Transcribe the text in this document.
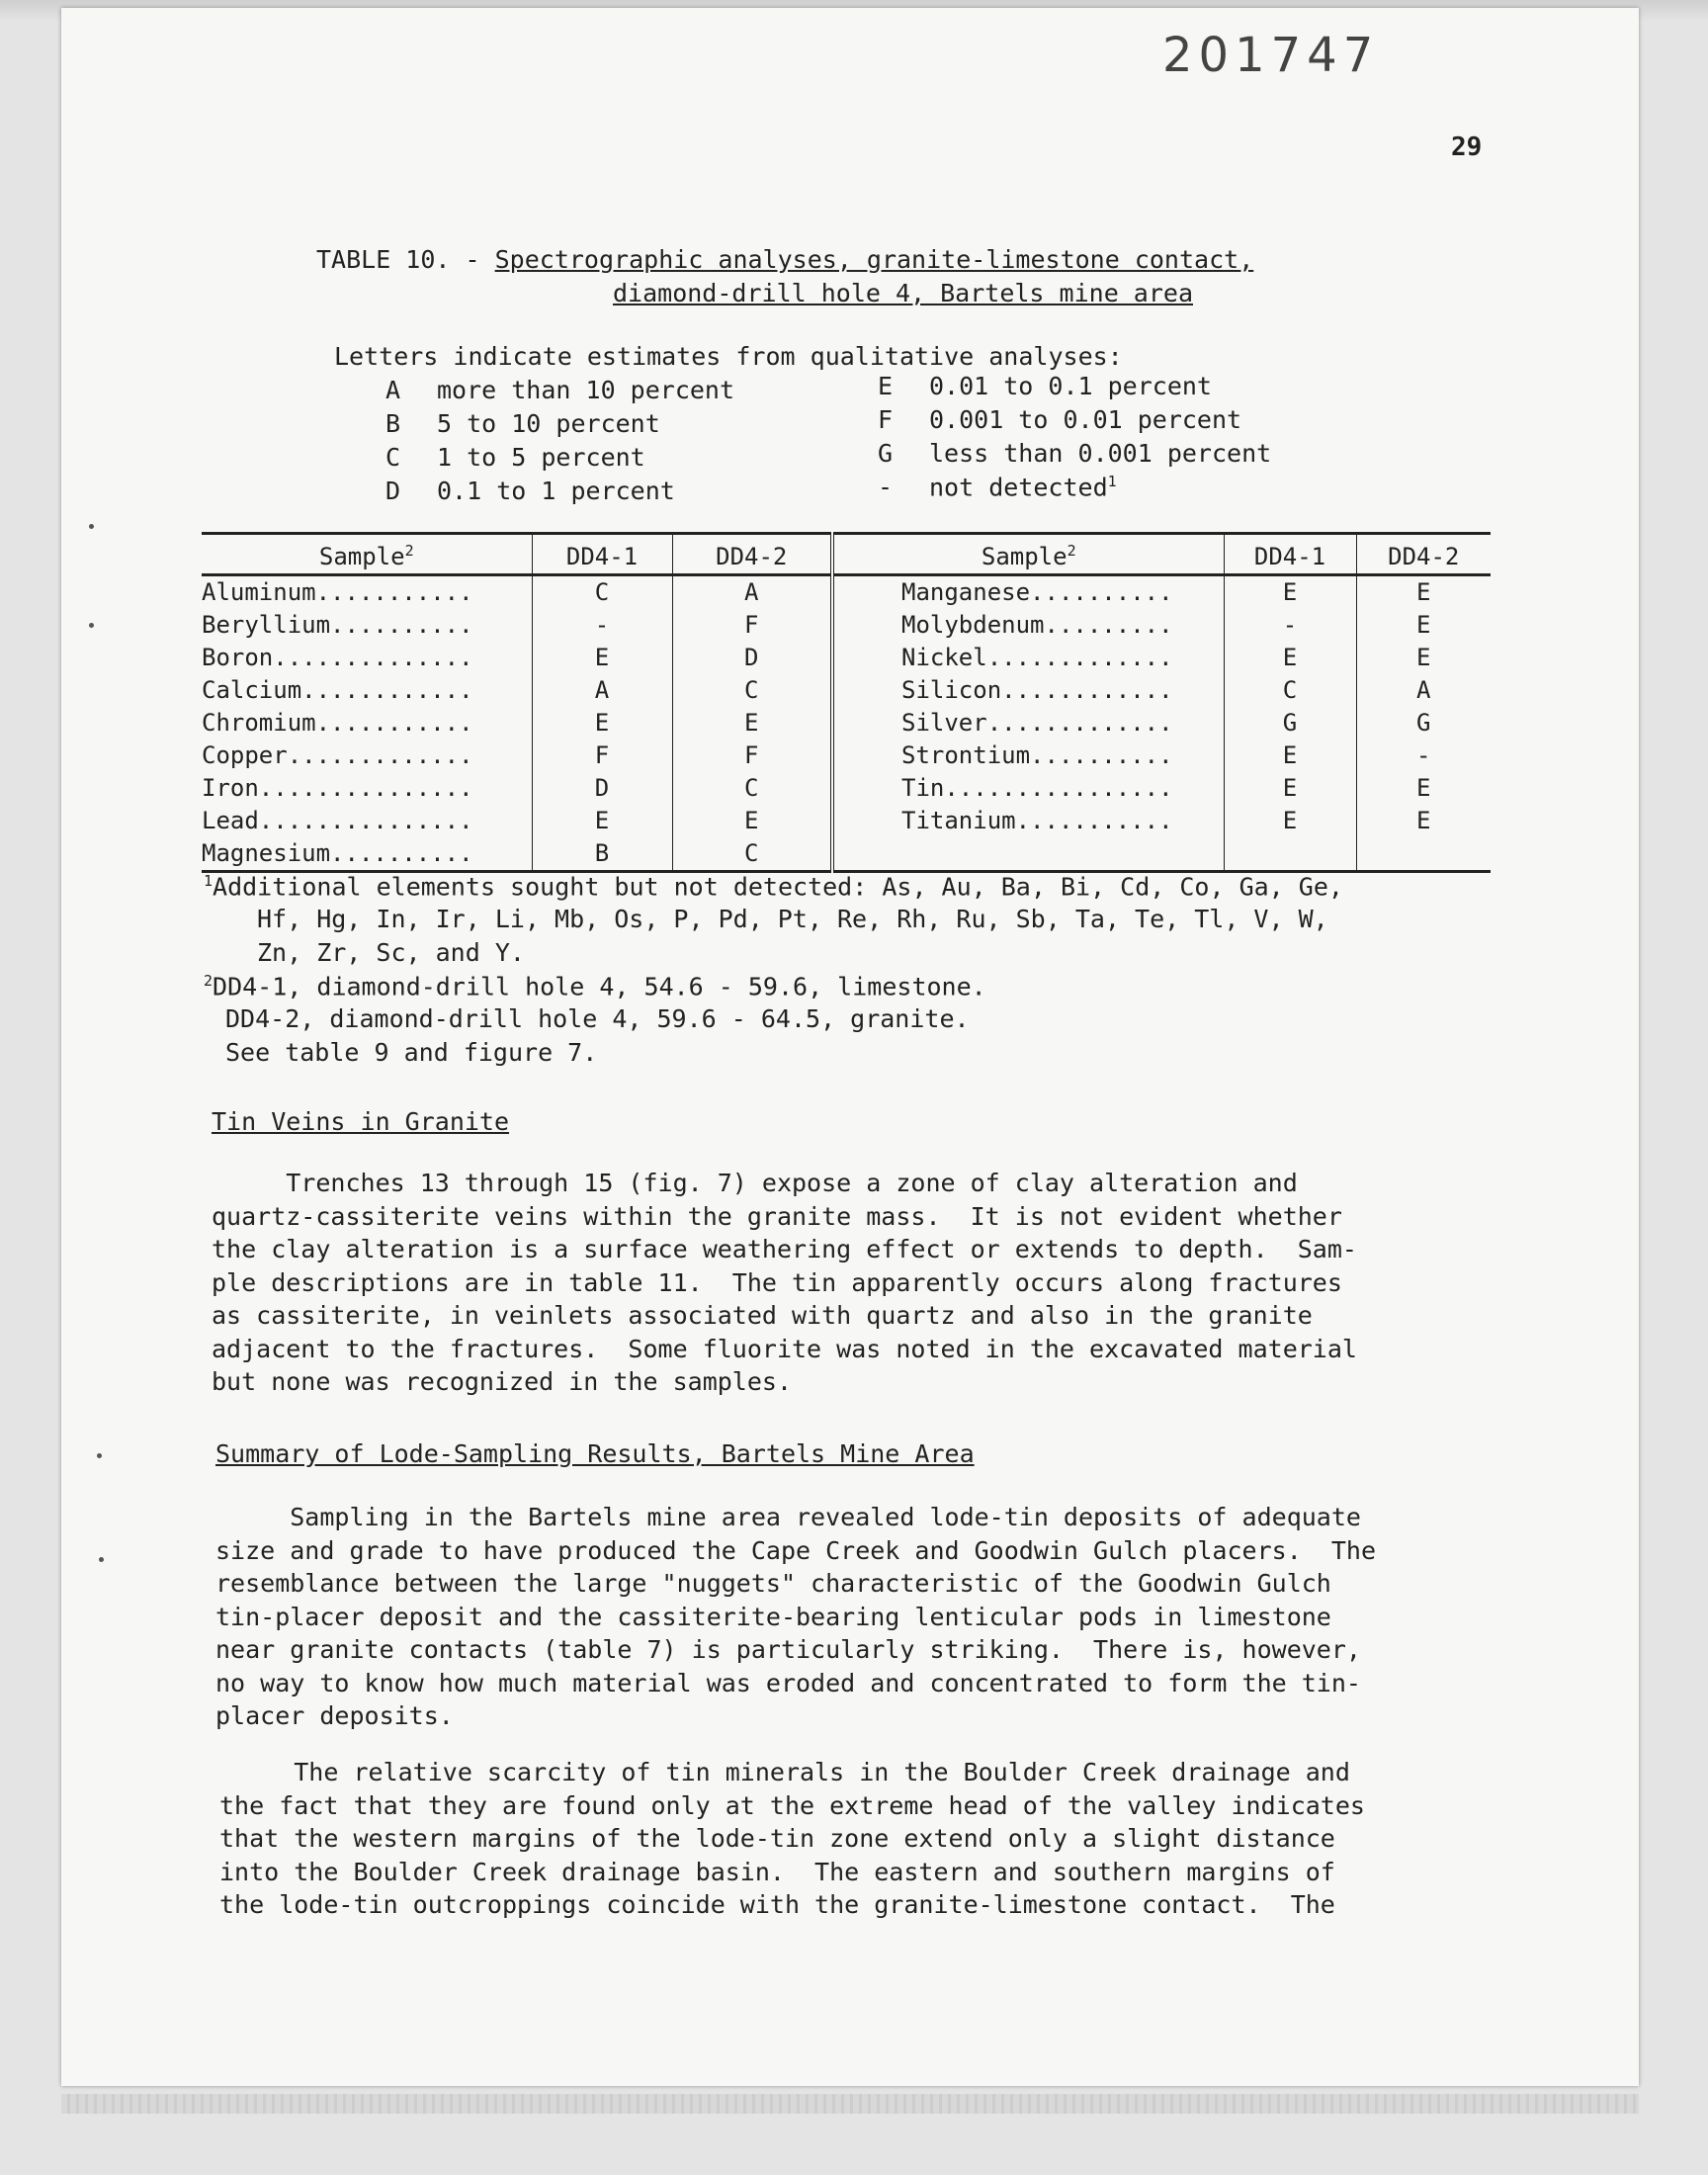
201747
29
TABLE 10. - Spectrographic analyses, granite-limestone contact,
diamond-drill hole 4, Bartels mine area
Letters indicate estimates from qualitative analyses:
A more than 10 percent
B 5 to 10 percent
C 1 to 5 percent
D 0.1 to 1 percent
E 0.01 to 0.1 percent
F 0.001 to 0.01 percent
G less than 0.001 percent
- not detected$^1$
Sample$^2$	DD4-1	DD4-2	Sample$^2$	DD4-1	DD4-2
Aluminum...........	C	A	Manganese..........	E	E
Beryllium..........	-	F	Molybdenum.........	-	E
Boron..............	E	D	Nickel.............	E	E
Calcium............	A	C	Silicon............	C	A
Chromium...........	E	E	Silver.............	G	G
Copper.............	F	F	Strontium..........	E	-
Iron...............	D	C	Tin................	E	E
Lead...............	E	E	Titanium...........	E	E
Magnesium..........	B	C			
$^1$Additional elements sought but not detected: As, Au, Ba, Bi, Cd, Co, Ga, Ge,
Hf, Hg, In, Ir, Li, Mb, Os, P, Pd, Pt, Re, Rh, Ru, Sb, Ta, Te, Tl, V, W,
Zn, Zr, Sc, and Y.
$^2$DD4-1, diamond-drill hole 4, 54.6 - 59.6, limestone.
DD4-2, diamond-drill hole 4, 59.6 - 64.5, granite.
See table 9 and figure 7.
Tin Veins in Granite
Trenches 13 through 15 (fig. 7) expose a zone of clay alteration and
quartz-cassiterite veins within the granite mass.  It is not evident whether
the clay alteration is a surface weathering effect or extends to depth.  Sam-
ple descriptions are in table 11.  The tin apparently occurs along fractures
as cassiterite, in veinlets associated with quartz and also in the granite
adjacent to the fractures.  Some fluorite was noted in the excavated material
but none was recognized in the samples.
Summary of Lode-Sampling Results, Bartels Mine Area
Sampling in the Bartels mine area revealed lode-tin deposits of adequate
size and grade to have produced the Cape Creek and Goodwin Gulch placers.  The
resemblance between the large "nuggets" characteristic of the Goodwin Gulch
tin-placer deposit and the cassiterite-bearing lenticular pods in limestone
near granite contacts (table 7) is particularly striking.  There is, however,
no way to know how much material was eroded and concentrated to form the tin-
placer deposits.
The relative scarcity of tin minerals in the Boulder Creek drainage and
the fact that they are found only at the extreme head of the valley indicates
that the western margins of the lode-tin zone extend only a slight distance
into the Boulder Creek drainage basin.  The eastern and southern margins of
the lode-tin outcroppings coincide with the granite-limestone contact.  The
